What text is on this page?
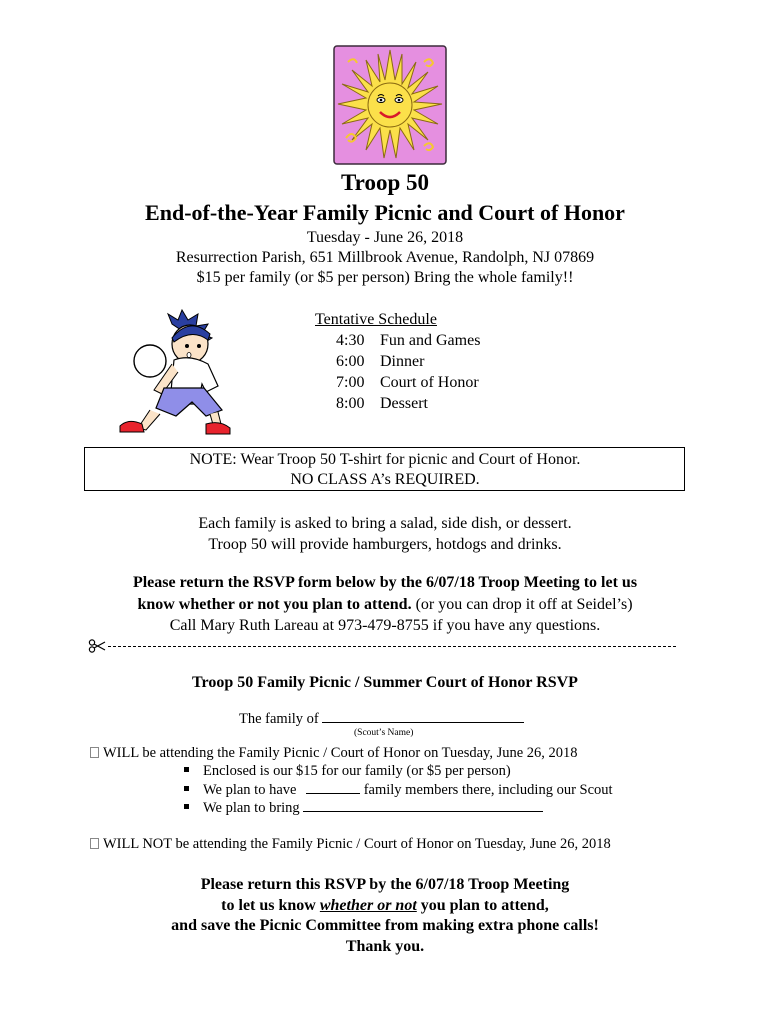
Troop 50
End-of-the-Year Family Picnic and Court of Honor
Tuesday - June 26, 2018
Resurrection Parish, 651 Millbrook Avenue, Randolph, NJ 07869
$15 per family (or $5 per person) Bring the whole family!!
Tentative Schedule
4:30 Fun and Games
6:00 Dinner
7:00 Court of Honor
8:00 Dessert
NOTE: Wear Troop 50 T-shirt for picnic and Court of Honor.
NO CLASS A’s REQUIRED.
Each family is asked to bring a salad, side dish, or dessert.
Troop 50 will provide hamburgers, hotdogs and drinks.
Please return the RSVP form below by the 6/07/18 Troop Meeting to let us
know whether or not you plan to attend. (or you can drop it off at Seidel’s)
Call Mary Ruth Lareau at 973-479-8755 if you have any questions.
Troop 50 Family Picnic / Summer Court of Honor RSVP
The family of
(Scout’s Name)
WILL be attending the Family Picnic / Court of Honor on Tuesday, June 26, 2018
Enclosed is our $15 for our family (or $5 per person)
We plan to have	family members there, including our Scout
We plan to bring
WILL NOT be attending the Family Picnic / Court of Honor on Tuesday, June 26, 2018
Please return this RSVP by the 6/07/18 Troop Meeting
to let us know whether or not you plan to attend,
and save the Picnic Committee from making extra phone calls!
Thank you.
